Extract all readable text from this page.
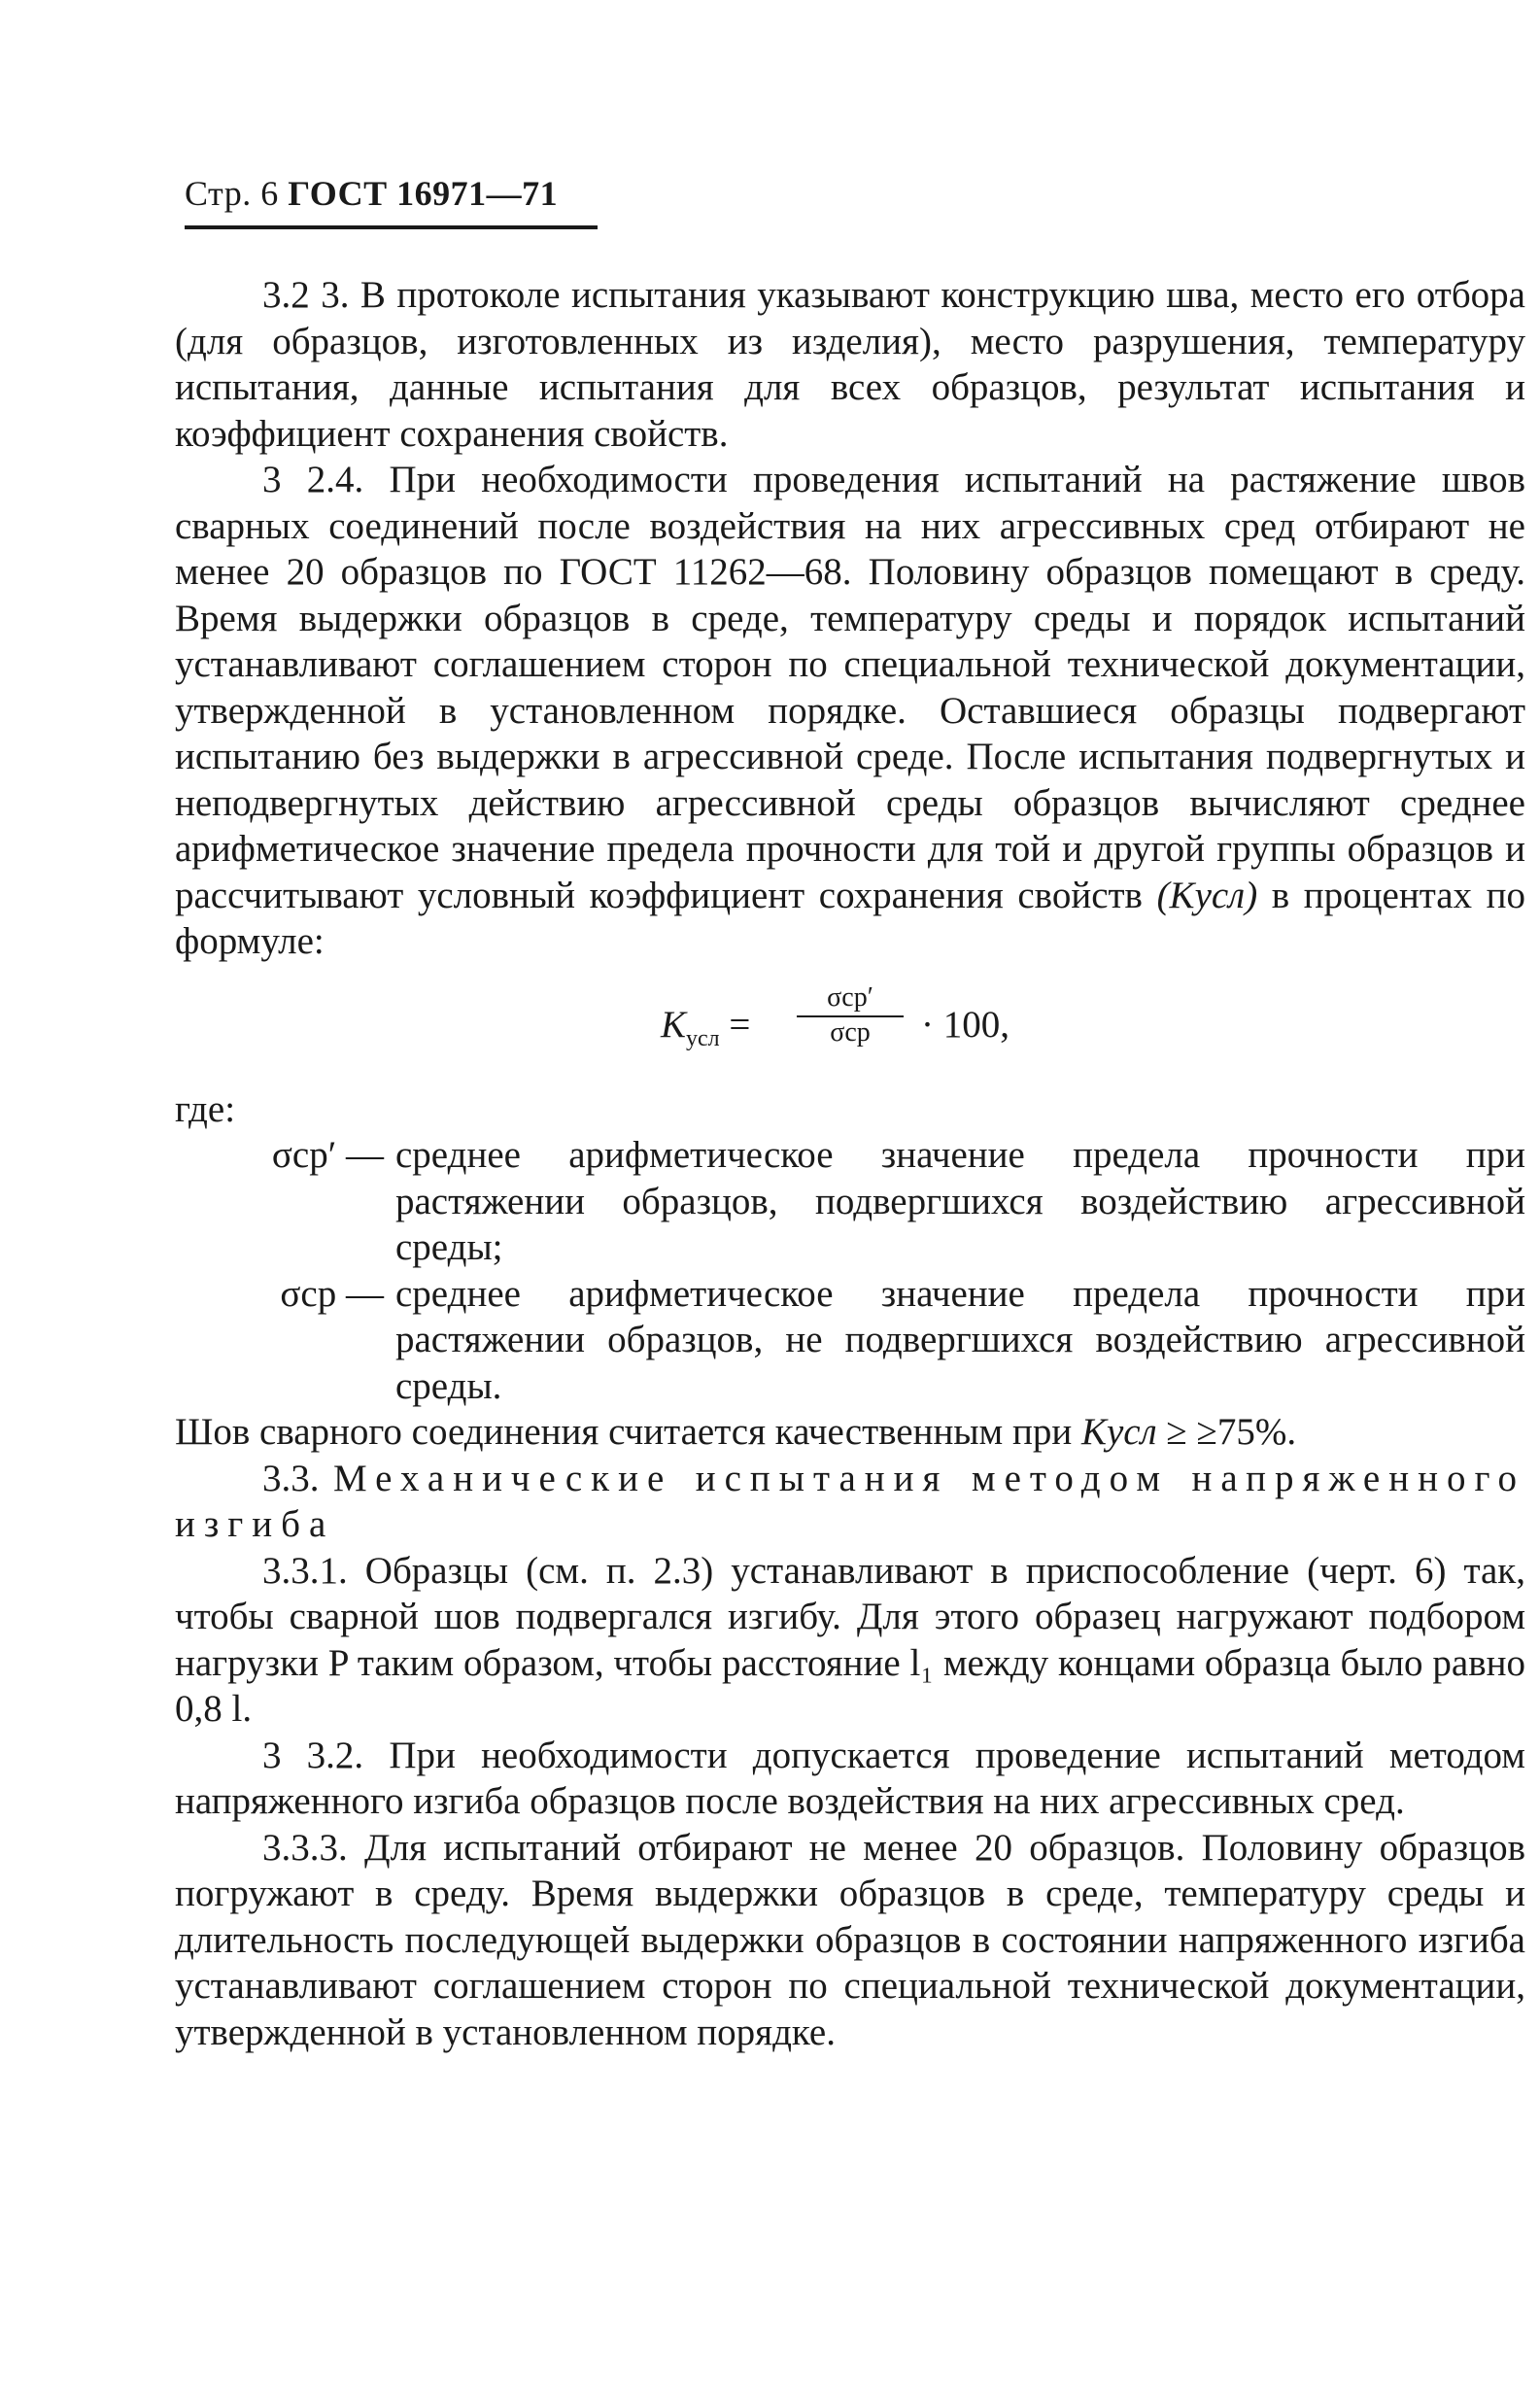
Стр. 6 ГОСТ 16971—71

3.2 3. В протоколе испытания указывают конструкцию шва, место его отбора (для образцов, изготовленных из изделия), место разрушения, температуру испытания, данные испытания для всех образцов, результат испытания и коэффициент сохранения свойств.

3 2.4. При необходимости проведения испытаний на растяжение швов сварных соединений после воздействия на них агрессивных сред отбирают не менее 20 образцов по ГОСТ 11262—68. Половину образцов помещают в среду. Время выдержки образцов в среде, температуру среды и порядок испытаний устанавливают соглашением сторон по специальной технической документации, утвержденной в установленном порядке. Оставшиеся образцы подвергают испытанию без выдержки в агрессивной среде. После испытания подвергнутых и неподвергнутых действию агрессивной среды образцов вычисляют среднее арифметическое значение предела прочности для той и другой группы образцов и рассчитывают условный коэффициент сохранения свойств (Kусл) в процентах по формуле:

$K_{усл}$ =
σср′
σср	· 100,

где:

σср′ — среднее арифметическое значение предела прочности при растяжении образцов, подвергшихся воздействию агрессивной среды;
σср — среднее арифметическое значение предела прочности при растяжении образцов, не подвергшихся воздействию агрессивной среды.

Шов сварного соединения считается качественным при Kусл ≥ ≥75%.

3.3. Механические испытания методом напряженного изгиба

3.3.1. Образцы (см. п. 2.3) устанавливают в приспособление (черт. 6) так, чтобы сварной шов подвергался изгибу. Для этого образец нагружают подбором нагрузки P таким образом, чтобы расстояние l₁ между концами образца было равно 0,8 l.

3 3.2. При необходимости допускается проведение испытаний методом напряженного изгиба образцов после воздействия на них агрессивных сред.

3.3.3. Для испытаний отбирают не менее 20 образцов. Половину образцов погружают в среду. Время выдержки образцов в среде, температуру среды и длительность последующей выдержки образцов в состоянии напряженного изгиба устанавливают соглашением сторон по специальной технической документации, утвержденной в установленном порядке.
